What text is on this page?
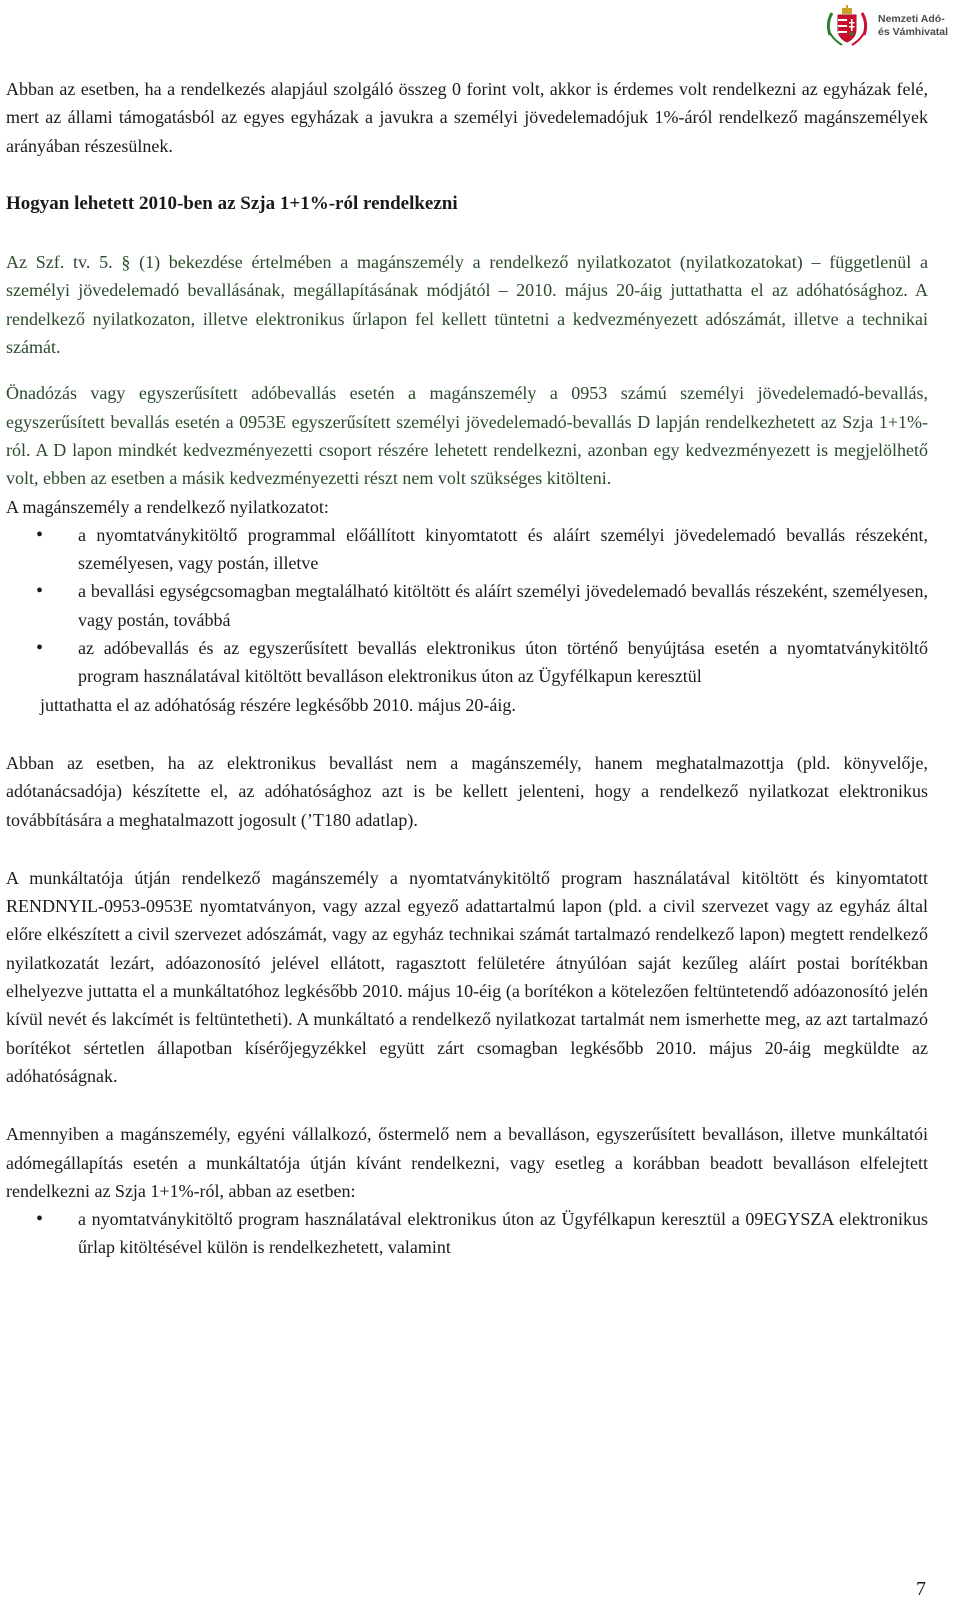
Nemzeti Adó-
és Vámhivatal

Abban az esetben, ha a rendelkezés alapjául szolgáló összeg 0 forint volt, akkor is érdemes volt rendelkezni az egyházak felé, mert az állami támogatásból az egyes egyházak a javukra a személyi jövedelemadójuk 1%-áról rendelkező magánszemélyek arányában részesülnek.

Hogyan lehetett 2010-ben az Szja 1+1%-ról rendelkezni

Az Szf. tv. 5. § (1) bekezdése értelmében a magánszemély a rendelkező nyilatkozatot (nyilatkozatokat) – függetlenül a személyi jövedelemadó bevallásának, megállapításának módjától – 2010. május 20-áig juttathatta el az adóhatósághoz. A rendelkező nyilatkozaton, illetve elektronikus űrlapon fel kellett tüntetni a kedvezményezett adószámát, illetve a technikai számát.

Önadózás vagy egyszerűsített adóbevallás esetén a magánszemély a 0953 számú személyi jövedelemadó-bevallás, egyszerűsített bevallás esetén a 0953E egyszerűsített személyi jövedelemadó-bevallás D lapján rendelkezhetett az Szja 1+1%-ról. A D lapon mindkét kedvezményezetti csoport részére lehetett rendelkezni, azonban egy kedvezményezett is megjelölhető volt, ebben az esetben a másik kedvezményezetti részt nem volt szükséges kitölteni.

A magánszemély a rendelkező nyilatkozatot:

• a nyomtatványkitöltő programmal előállított kinyomtatott és aláírt személyi jövedelemadó bevallás részeként, személyesen, vagy postán, illetve
• a bevallási egységcsomagban megtalálható kitöltött és aláírt személyi jövedelemadó bevallás részeként, személyesen, vagy postán, továbbá
• az adóbevallás és az egyszerűsített bevallás elektronikus úton történő benyújtása esetén a nyomtatványkitöltő program használatával kitöltött bevalláson elektronikus úton az Ügyfélkapun keresztül

juttathatta el az adóhatóság részére legkésőbb 2010. május 20-áig.

Abban az esetben, ha az elektronikus bevallást nem a magánszemély, hanem meghatalmazottja (pld. könyvelője, adótanácsadója) készítette el, az adóhatósághoz azt is be kellett jelenteni, hogy a rendelkező nyilatkozat elektronikus továbbítására a meghatalmazott jogosult (’T180 adatlap).

A munkáltatója útján rendelkező magánszemély a nyomtatványkitöltő program használatával kitöltött és kinyomtatott RENDNYIL-0953-0953E nyomtatványon, vagy azzal egyező adattartalmú lapon (pld. a civil szervezet vagy az egyház által előre elkészített a civil szervezet adószámát, vagy az egyház technikai számát tartalmazó rendelkező lapon) megtett rendelkező nyilatkozatát lezárt, adóazonosító jelével ellátott, ragasztott felületére átnyúlóan saját kezűleg aláírt postai borítékban elhelyezve juttatta el a munkáltatóhoz legkésőbb 2010. május 10-éig (a borítékon a kötelezően feltüntetendő adóazonosító jelén kívül nevét és lakcímét is feltüntetheti). A munkáltató a rendelkező nyilatkozat tartalmát nem ismerhette meg, az azt tartalmazó borítékot sértetlen állapotban kísérőjegyzékkel együtt zárt csomagban legkésőbb 2010. május 20-áig megküldte az adóhatóságnak.

Amennyiben a magánszemély, egyéni vállalkozó, őstermelő nem a bevalláson, egyszerűsített bevalláson, illetve munkáltatói adómegállapítás esetén a munkáltatója útján kívánt rendelkezni, vagy esetleg a korábban beadott bevalláson elfelejtett rendelkezni az Szja 1+1%-ról, abban az esetben:

• a nyomtatványkitöltő program használatával elektronikus úton az Ügyfélkapun keresztül a 09EGYSZA elektronikus űrlap kitöltésével külön is rendelkezhetett, valamint
7
